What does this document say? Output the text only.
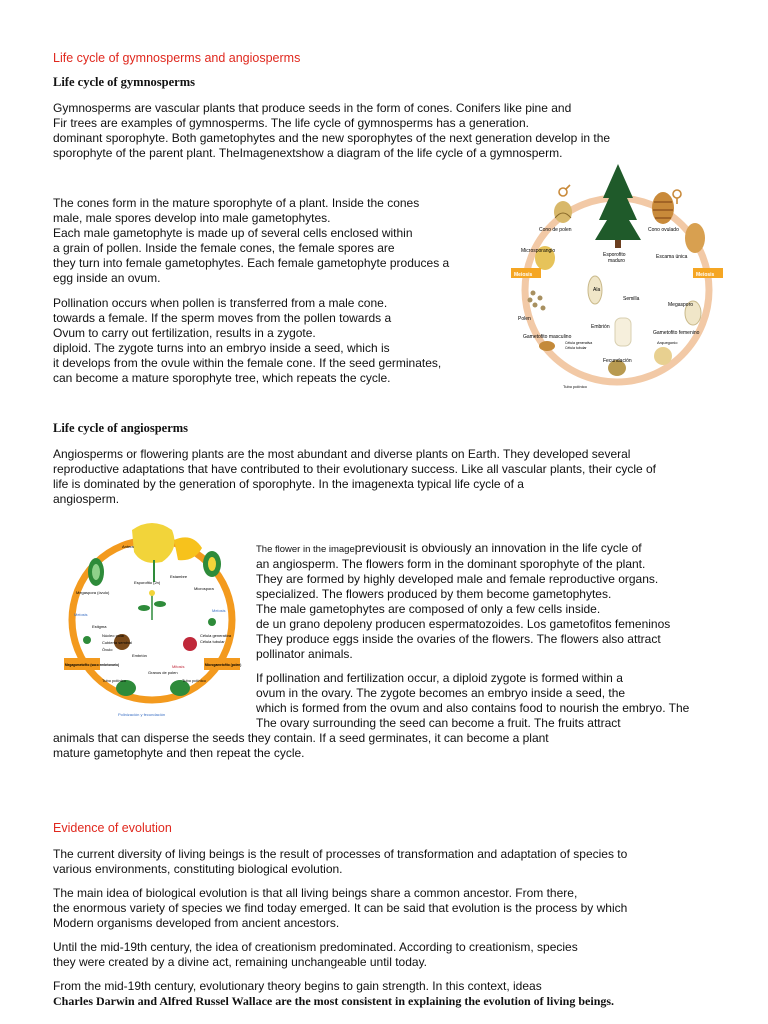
Life cycle of gymnosperms and angiosperms
Life cycle of gymnosperms
Gymnosperms are vascular plants that produce seeds in the form of cones. Conifers like pine and
Fir trees are examples of gymnosperms. The life cycle of gymnosperms has a generation.
dominant sporophyte. Both gametophytes and the new sporophytes of the next generation develop in the
sporophyte of the parent plant. TheImagenextshow a diagram of the life cycle of a gymnosperm.
The cones form in the mature sporophyte of a plant. Inside the cones
male, male spores develop into male gametophytes.
Each male gametophyte is made up of several cells enclosed within
a grain of pollen. Inside the female cones, the female spores are
they turn into female gametophytes. Each female gametophyte produces a
egg inside an ovum.
Pollination occurs when pollen is transferred from a male cone.
towards a female. If the sperm moves from the pollen towards a
Ovum to carry out fertilization, results in a zygote.
diploid. The zygote turns into an embryo inside a seed, which is
it develops from the ovule within the female cone. If the seed germinates,
can become a mature sporophyte tree, which repeats the cycle.
Cono de polen
Esporofito
maduro
Cono ovulado
Microsporangio
Escama única
Meiosis	Meiosis
Ala
Semilla
Megasporo
Polen
Embrión
Gametofito masculino
Gametofito femenino
Célula generativa
Célula tubular
Arquegonio
Fecundación
Tubo polínico
Life cycle of angiosperms
Angiosperms or flowering plants are the most abundant and diverse plants on Earth. They developed several
reproductive adaptations that have contributed to their evolutionary success. Like all vascular plants, their cycle of
life is dominated by the generation of sporophyte. In the imagenexta typical life cycle of a
angiosperm.
The flower in the imagepreviousit is obviously an innovation in the life cycle of
an angiosperm. The flowers form in the dominant sporophyte of the plant.
They are formed by highly developed male and female reproductive organs.
specialized. The flowers produced by them become gametophytes.
The male gametophytes are composed of only a few cells inside.
de un grano depoleny producen espermatozoides. Los gametofitos femeninos
They produce eggs inside the ovaries of the flowers. The flowers also attract
pollinator animals.
If pollination and fertilization occur, a diploid zygote is formed within a
ovum in the ovary. The zygote becomes an embryo inside a seed, the
which is formed from the ovum and also contains food to nourish the embryo. The
The ovary surrounding the seed can become a fruit. The fruits attract
animals that can disperse the seeds they contain. If a seed germinates, it can become a plant
mature gametophyte and then repeat the cycle.
Antera
Estambre
Megaspora (óvulo)
Esporofito (2n)
Microspora
Meiosis
Meiosis
Estigma
Núcleo polar
Cubierta seminal
Óvulo
Embrión
Célula generativa
Célula tubular
Megagametofito (saco embrionario)	Microgametofito (polen)
Tubo polínico	Tubo polínico
Granos de polen
Mitosis
Polinización y fecundación
Evidence of evolution
The current diversity of living beings is the result of processes of transformation and adaptation of species to
various environments, constituting biological evolution.
The main idea of biological evolution is that all living beings share a common ancestor. From there,
the enormous variety of species we find today emerged. It can be said that evolution is the process by which
Modern organisms developed from ancient ancestors.
Until the mid-19th century, the idea of creationism predominated. According to creationism, species
they were created by a divine act, remaining unchangeable until today.
From the mid-19th century, evolutionary theory begins to gain strength. In this context, ideas
Charles Darwin and Alfred Russel Wallace are the most consistent in explaining the evolution of living beings.
